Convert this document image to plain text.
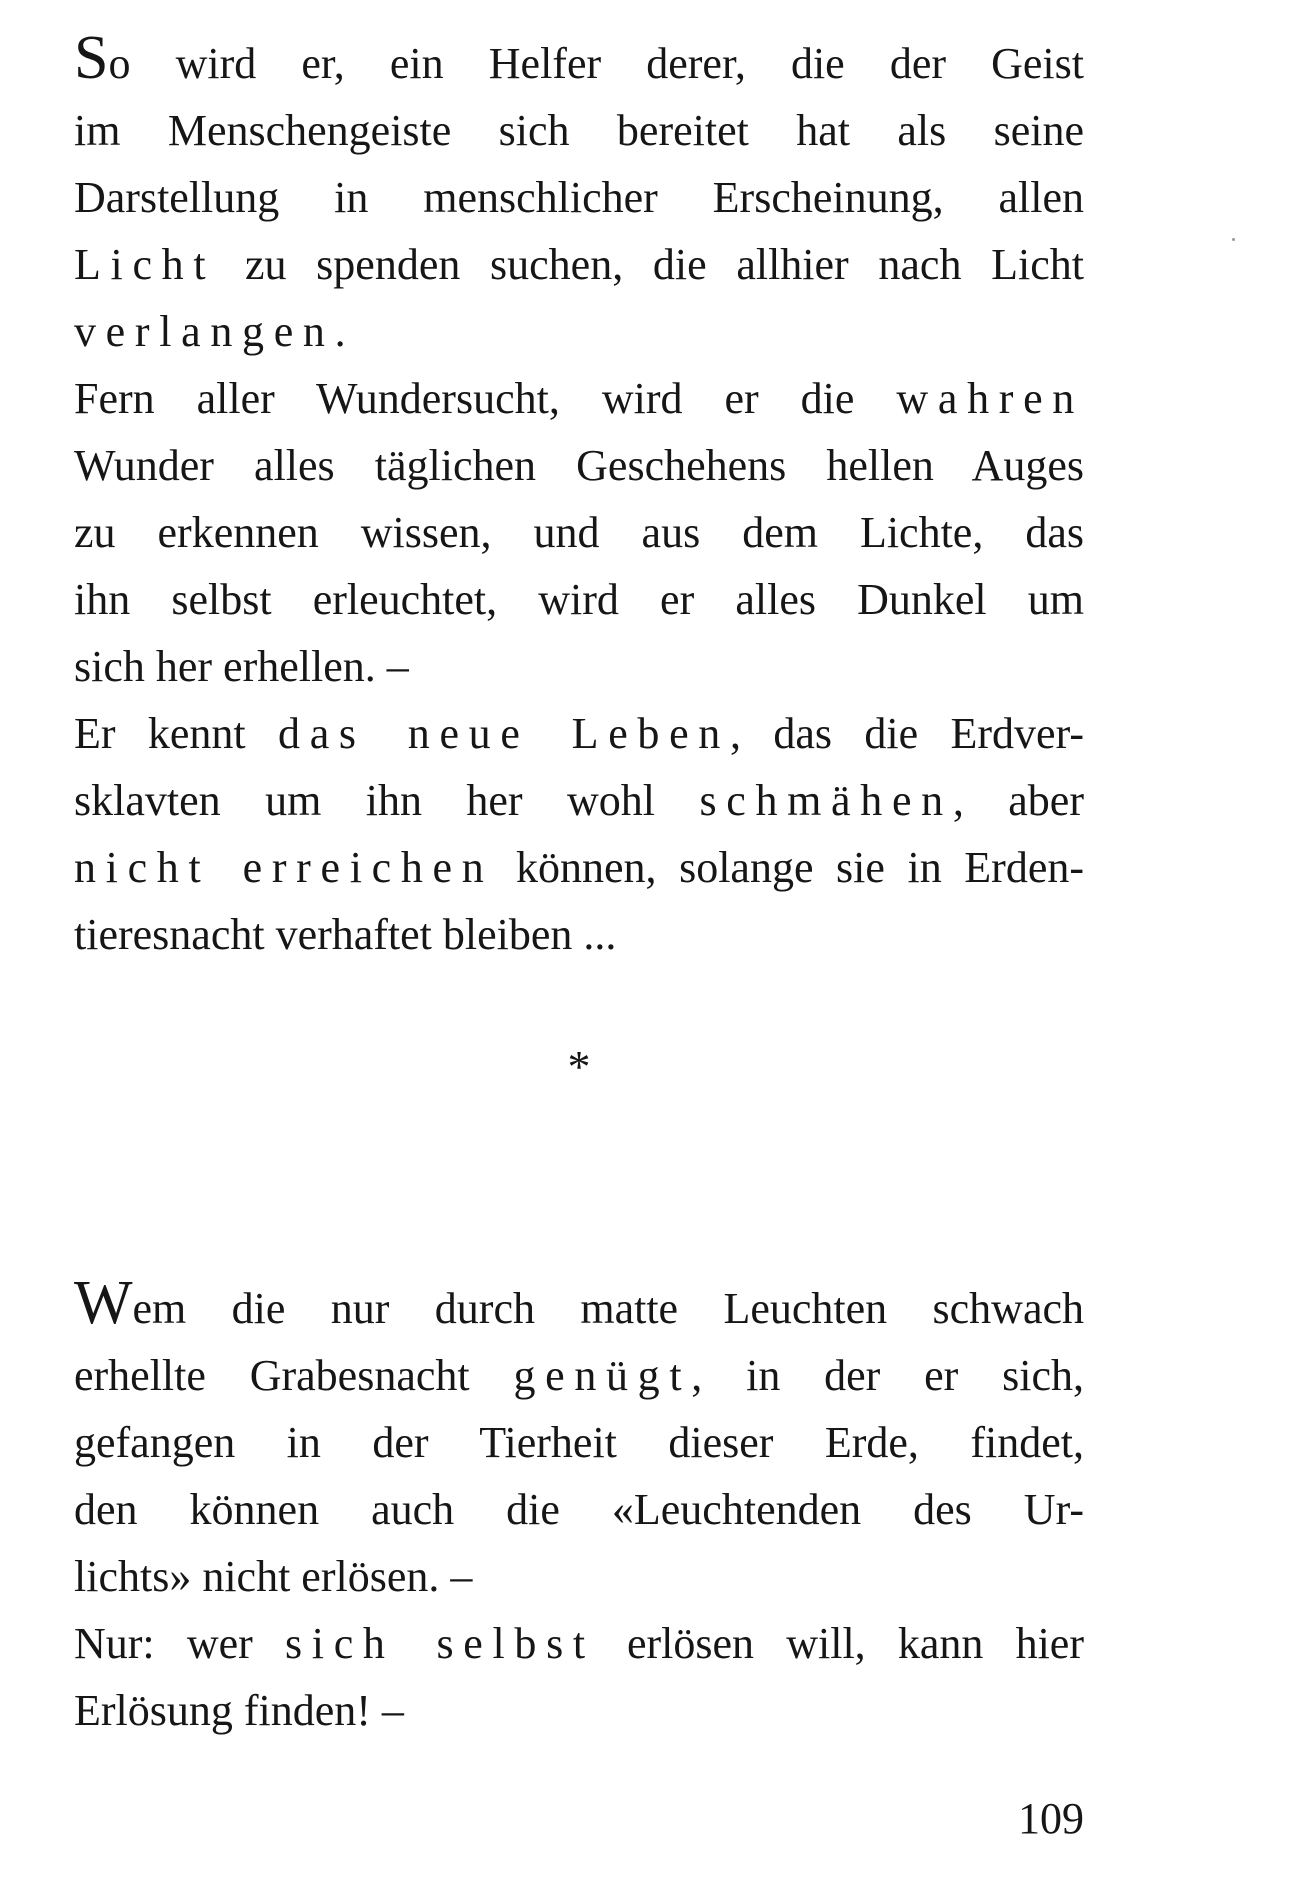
So wird er, ein Helfer derer, die der Geist
im Menschengeiste sich bereitet hat als seine
Darstellung in menschlicher Erscheinung, allen
Licht zu spenden suchen, die allhier nach Licht
verlangen.
Fern aller Wundersucht, wird er die wahren
Wunder alles täglichen Geschehens hellen Auges
zu erkennen wissen, und aus dem Lichte, das
ihn selbst erleuchtet, wird er alles Dunkel um
sich her erhellen. –
Er kennt das neue Leben, das die Erdver-
sklavten um ihn her wohl schmähen, aber
nicht erreichen können, solange sie in Erden-
tieresnacht verhaftet bleiben ...
*
Wem die nur durch matte Leuchten schwach
erhellte Grabesnacht genügt, in der er sich,
gefangen in der Tierheit dieser Erde, findet,
den können auch die «Leuchtenden des Ur-
lichts» nicht erlösen. –
Nur: wer sich selbst erlösen will, kann hier
Erlösung finden! –
109
